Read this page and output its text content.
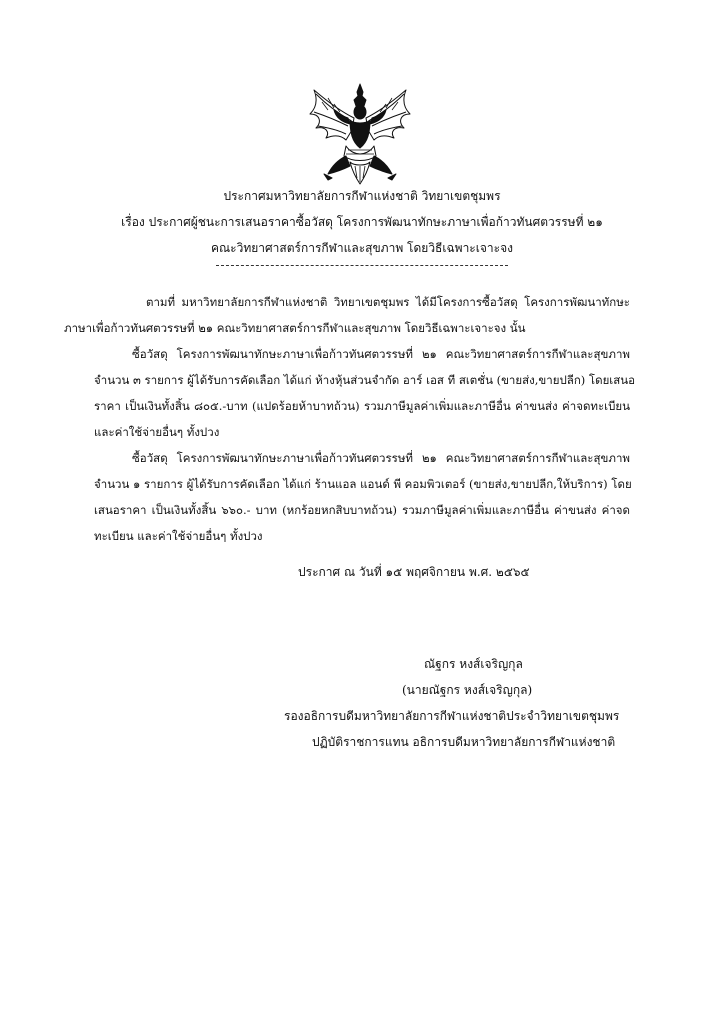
ประกาศมหาวิทยาลัยการกีฬาแห่งชาติ วิทยาเขตชุมพร
เรื่อง ประกาศผู้ชนะการเสนอราคาซื้อวัสดุ โครงการพัฒนาทักษะภาษาเพื่อก้าวทันศตวรรษที่ ๒๑
คณะวิทยาศาสตร์การกีฬาและสุขภาพ โดยวิธีเฉพาะเจาะจง
ตามที่ มหาวิทยาลัยการกีฬาแห่งชาติ วิทยาเขตชุมพร ได้มีโครงการซื้อวัสดุ โครงการพัฒนาทักษะ
ภาษาเพื่อก้าวทันศตวรรษที่ ๒๑ คณะวิทยาศาสตร์การกีฬาและสุขภาพ โดยวิธีเฉพาะเจาะจง นั้น
ซื้อวัสดุ โครงการพัฒนาทักษะภาษาเพื่อก้าวทันศตวรรษที่ ๒๑ คณะวิทยาศาสตร์การกีฬาและสุขภาพ
จำนวน ๓ รายการ ผู้ได้รับการคัดเลือก ได้แก่ ห้างหุ้นส่วนจำกัด อาร์ เอส ที สเตชั่น (ขายส่ง,ขายปลีก) โดยเสนอ
ราคา เป็นเงินทั้งสิ้น ๘๐๕.-บาท (แปดร้อยห้าบาทถ้วน) รวมภาษีมูลค่าเพิ่มและภาษีอื่น ค่าขนส่ง ค่าจดทะเบียน
และค่าใช้จ่ายอื่นๆ ทั้งปวง
ซื้อวัสดุ โครงการพัฒนาทักษะภาษาเพื่อก้าวทันศตวรรษที่ ๒๑ คณะวิทยาศาสตร์การกีฬาและสุขภาพ
จำนวน ๑ รายการ ผู้ได้รับการคัดเลือก ได้แก่ ร้านแอล แอนด์ พี คอมพิวเตอร์ (ขายส่ง,ขายปลีก,ให้บริการ) โดย
เสนอราคา เป็นเงินทั้งสิ้น ๖๖๐.- บาท (หกร้อยหกสิบบาทถ้วน) รวมภาษีมูลค่าเพิ่มและภาษีอื่น ค่าขนส่ง ค่าจด
ทะเบียน และค่าใช้จ่ายอื่นๆ ทั้งปวง
ประกาศ ณ วันที่ ๑๕ พฤศจิกายน พ.ศ. ๒๕๖๕
ณัฐกร หงส์เจริญกุล
(นายณัฐกร หงส์เจริญกุล)
รองอธิการบดีมหาวิทยาลัยการกีฬาแห่งชาติประจำวิทยาเขตชุมพร
ปฏิบัติราชการแทน อธิการบดีมหาวิทยาลัยการกีฬาแห่งชาติ
